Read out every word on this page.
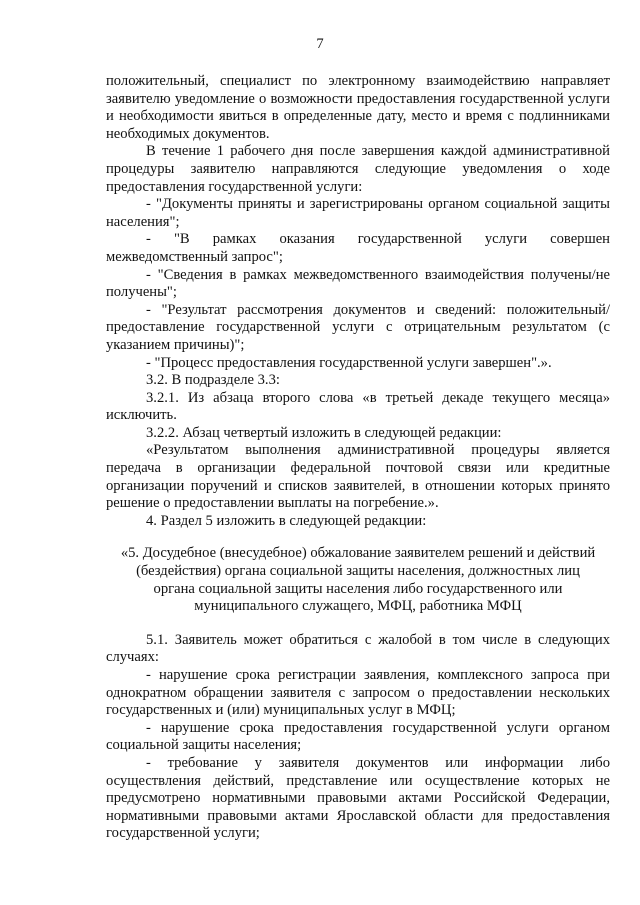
7

положительный, специалист по электронному взаимодействию направляет заявителю уведомление о возможности предоставления государственной услуги и необходимости явиться в определенные дату, место и время с подлинниками необходимых документов.

В течение 1 рабочего дня после завершения каждой административной процедуры заявителю направляются следующие уведомления о ходе предоставления государственной услуги:

- "Документы приняты и зарегистрированы органом социальной защиты населения";

- "В рамках оказания государственной услуги совершен межведомственный запрос";

- "Сведения в рамках межведомственного взаимодействия получены/не получены";

- "Результат рассмотрения документов и сведений: положительный/ предоставление государственной услуги с отрицательным результатом (с указанием причины)";

- "Процесс предоставления государственной услуги завершен".».

3.2. В подразделе 3.3:

3.2.1. Из абзаца второго слова «в третьей декаде текущего месяца» исключить.

3.2.2. Абзац четвертый изложить в следующей редакции:

«Результатом выполнения административной процедуры является передача в организации федеральной почтовой связи или кредитные организации поручений и списков заявителей, в отношении которых принято решение о предоставлении выплаты на погребение.».

4. Раздел 5 изложить в следующей редакции:

«5. Досудебное (внесудебное) обжалование заявителем решений и действий
(бездействия) органа социальной защиты населения, должностных лиц
органа социальной защиты населения либо государственного или
муниципального служащего, МФЦ, работника МФЦ

5.1. Заявитель может обратиться с жалобой в том числе в следующих случаях:

- нарушение срока регистрации заявления, комплексного запроса при однократном обращении заявителя с запросом о предоставлении нескольких государственных и (или) муниципальных услуг в МФЦ;

- нарушение срока предоставления государственной услуги органом социальной защиты населения;

- требование у заявителя документов или информации либо осуществления действий, представление или осуществление которых не предусмотрено нормативными правовыми актами Российской Федерации, нормативными правовыми актами Ярославской области для предоставления государственной услуги;
